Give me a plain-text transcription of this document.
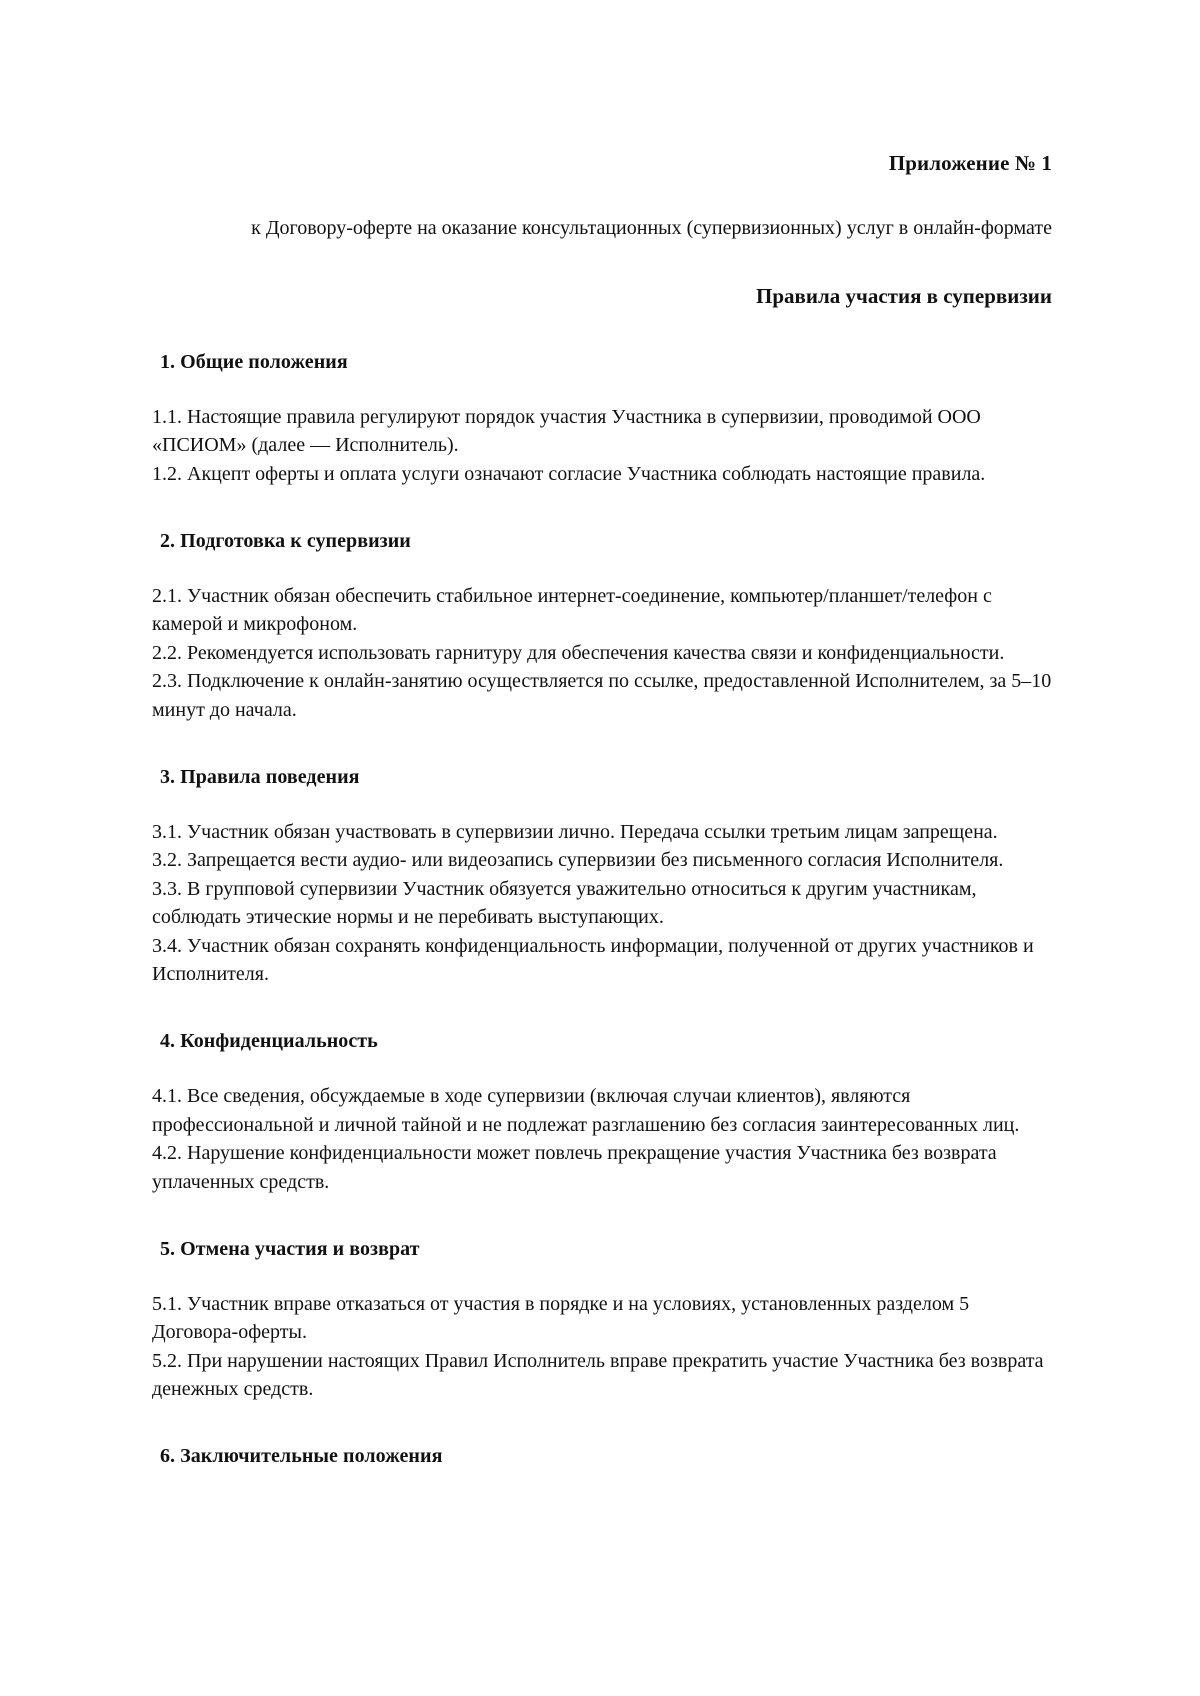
Приложение № 1
к Договору-оферте на оказание консультационных (супервизионных) услуг в онлайн-формате
Правила участия в супервизии
1. Общие положения

1.1. Настоящие правила регулируют порядок участия Участника в супервизии, проводимой ООО «ПСИОМ» (далее — Исполнитель).

1.2. Акцепт оферты и оплата услуги означают согласие Участника соблюдать настоящие правила.

2. Подготовка к супервизии

2.1. Участник обязан обеспечить стабильное интернет-соединение, компьютер/планшет/телефон с камерой и микрофоном.

2.2. Рекомендуется использовать гарнитуру для обеспечения качества связи и конфиденциальности.

2.3. Подключение к онлайн-занятию осуществляется по ссылке, предоставленной Исполнителем, за 5–10 минут до начала.

3. Правила поведения

3.1. Участник обязан участвовать в супервизии лично. Передача ссылки третьим лицам запрещена.

3.2. Запрещается вести аудио- или видеозапись супервизии без письменного согласия Исполнителя.

3.3. В групповой супервизии Участник обязуется уважительно относиться к другим участникам, соблюдать этические нормы и не перебивать выступающих.

3.4. Участник обязан сохранять конфиденциальность информации, полученной от других участников и Исполнителя.

4. Конфиденциальность

4.1. Все сведения, обсуждаемые в ходе супервизии (включая случаи клиентов), являются профессиональной и личной тайной и не подлежат разглашению без согласия заинтересованных лиц.

4.2. Нарушение конфиденциальности может повлечь прекращение участия Участника без возврата уплаченных средств.

5. Отмена участия и возврат

5.1. Участник вправе отказаться от участия в порядке и на условиях, установленных разделом 5 Договора-оферты.

5.2. При нарушении настоящих Правил Исполнитель вправе прекратить участие Участника без возврата денежных средств.

6. Заключительные положения
